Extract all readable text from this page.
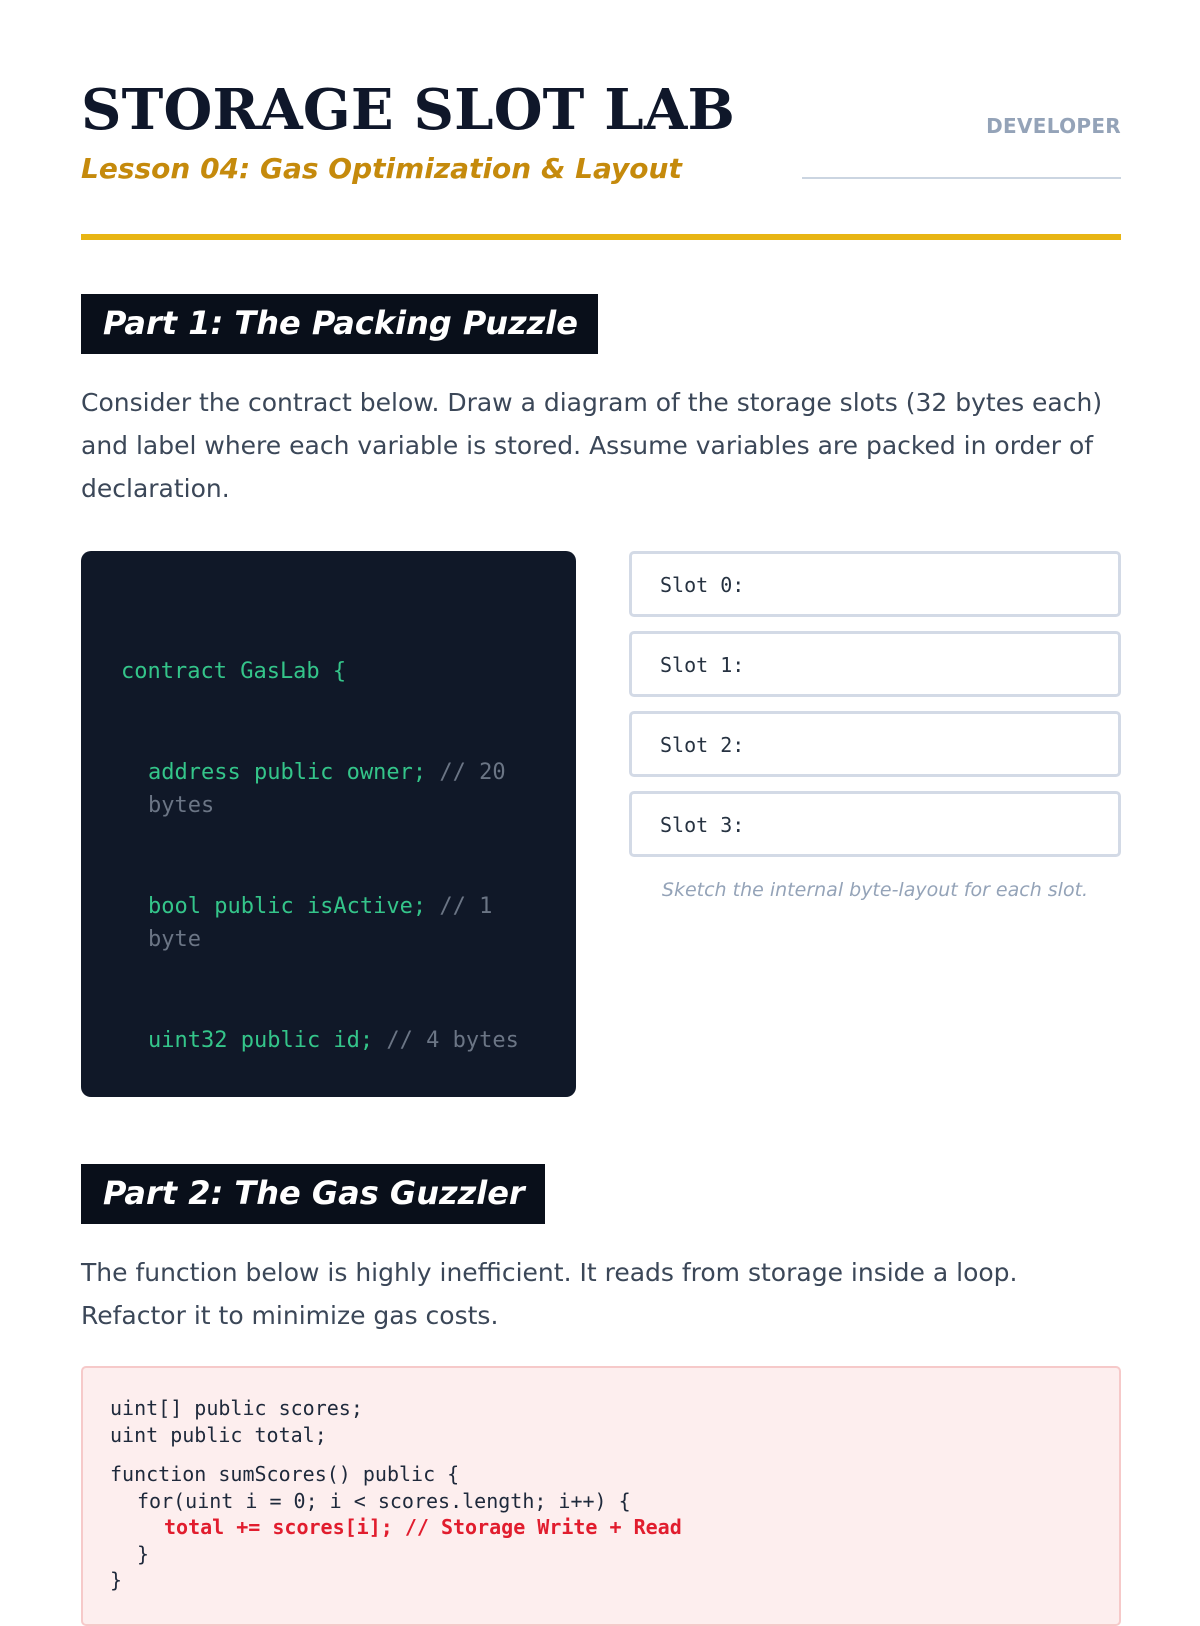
STORAGE SLOT LAB
Lesson 04: Gas Optimization & Layout
DEVELOPER
Part 1: The Packing Puzzle

Consider the contract below. Draw a diagram of the storage slots (32 bytes each) and label where each variable is stored. Assume variables are packed in order of declaration.

contract GasLab {

address public owner; // 20 bytes

bool public isActive; // 1 byte

uint32 public id; // 4 bytes

Slot 0:
Slot 1:
Slot 2:
Slot 3:
Sketch the internal byte-layout for each slot.
Part 2: The Gas Guzzler

The function below is highly inefficient. It reads from storage inside a loop. Refactor it to minimize gas costs.

uint[] public scores;
uint public total;
function sumScores() public {
for(uint i = 0; i < scores.length; i++) {
total += scores[i]; // Storage Write + Read
}
}
